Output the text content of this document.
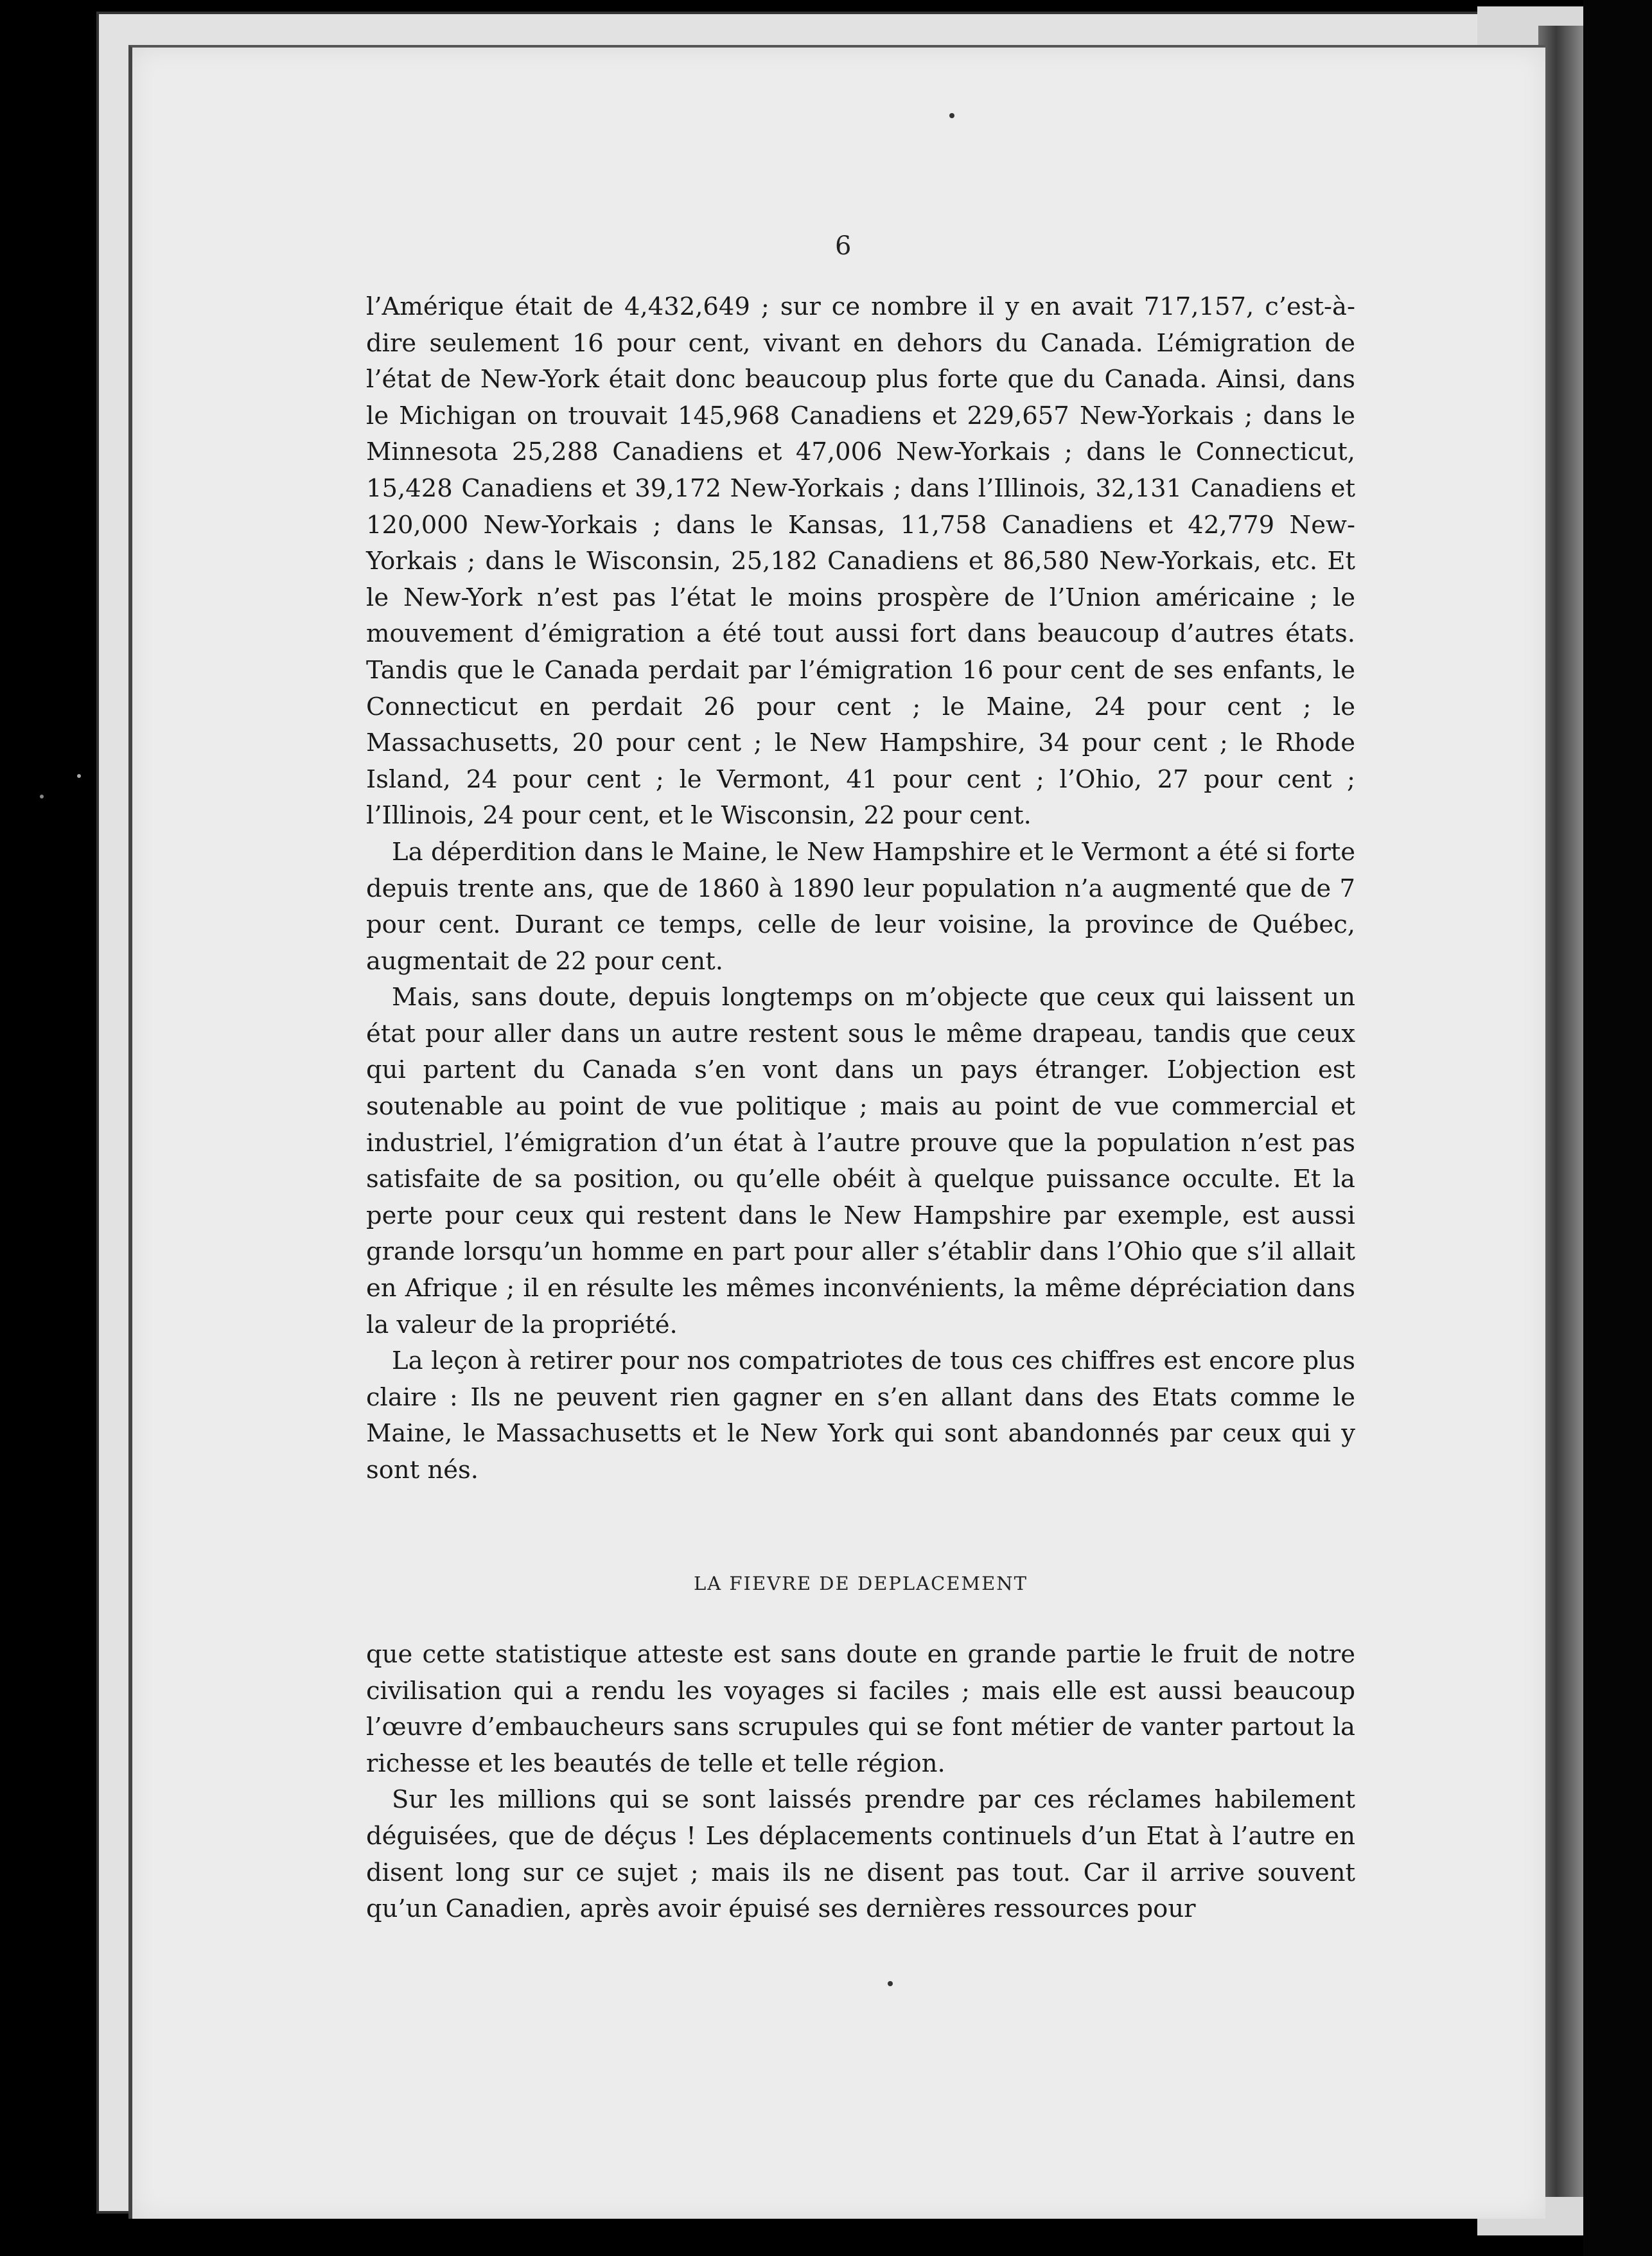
6

l’Amérique était de 4,432,649 ; sur ce nombre il y en avait 717,157, c’est-à-dire seulement 16 pour cent, vivant en dehors du Canada. L’émigration de l’état de New-York était donc beaucoup plus forte que du Canada. Ainsi, dans le Michigan on trouvait 145,968 Canadiens et 229,657 New-Yorkais ; dans le Minnesota 25,288 Canadiens et 47,006 New-Yorkais ; dans le Connecticut, 15,428 Canadiens et 39,172 New-Yorkais ; dans l’Illinois, 32,131 Canadiens et 120,000 New-Yorkais ; dans le Kansas, 11,758 Canadiens et 42,779 New-Yorkais ; dans le Wisconsin, 25,182 Canadiens et 86,580 New-Yorkais, etc. Et le New-York n’est pas l’état le moins prospère de l’Union américaine ; le mouvement d’émigration a été tout aussi fort dans beaucoup d’autres états. Tandis que le Canada perdait par l’émigration 16 pour cent de ses enfants, le Connecticut en perdait 26 pour cent ; le Maine, 24 pour cent ; le Massachusetts, 20 pour cent ; le New Hampshire, 34 pour cent ; le Rhode Island, 24 pour cent ; le Vermont, 41 pour cent ; l’Ohio, 27 pour cent ; l’Illinois, 24 pour cent, et le Wisconsin, 22 pour cent.

La déperdition dans le Maine, le New Hampshire et le Vermont a été si forte depuis trente ans, que de 1860 à 1890 leur population n’a augmenté que de 7 pour cent. Durant ce temps, celle de leur voisine, la province de Québec, augmentait de 22 pour cent.

Mais, sans doute, depuis longtemps on m’objecte que ceux qui laissent un état pour aller dans un autre restent sous le même drapeau, tandis que ceux qui partent du Canada s’en vont dans un pays étranger. L’objection est soutenable au point de vue politique ; mais au point de vue commercial et industriel, l’émigration d’un état à l’autre prouve que la population n’est pas satisfaite de sa position, ou qu’elle obéit à quelque puissance occulte. Et la perte pour ceux qui restent dans le New Hampshire par exemple, est aussi grande lorsqu’un homme en part pour aller s’établir dans l’Ohio que s’il allait en Afrique ; il en résulte les mêmes inconvénients, la même dépréciation dans la valeur de la propriété.

La leçon à retirer pour nos compatriotes de tous ces chiffres est encore plus claire : Ils ne peuvent rien gagner en s’en allant dans des Etats comme le Maine, le Massachusetts et le New York qui sont abandonnés par ceux qui y sont nés.

LA FIEVRE DE DEPLACEMENT

que cette statistique atteste est sans doute en grande partie le fruit de notre civilisation qui a rendu les voyages si faciles ; mais elle est aussi beaucoup l’œuvre d’embaucheurs sans scrupules qui se font métier de vanter partout la richesse et les beautés de telle et telle région.

Sur les millions qui se sont laissés prendre par ces réclames habilement déguisées, que de déçus ! Les déplacements continuels d’un Etat à l’autre en disent long sur ce sujet ; mais ils ne disent pas tout. Car il arrive souvent qu’un Canadien, après avoir épuisé ses dernières ressources pour
